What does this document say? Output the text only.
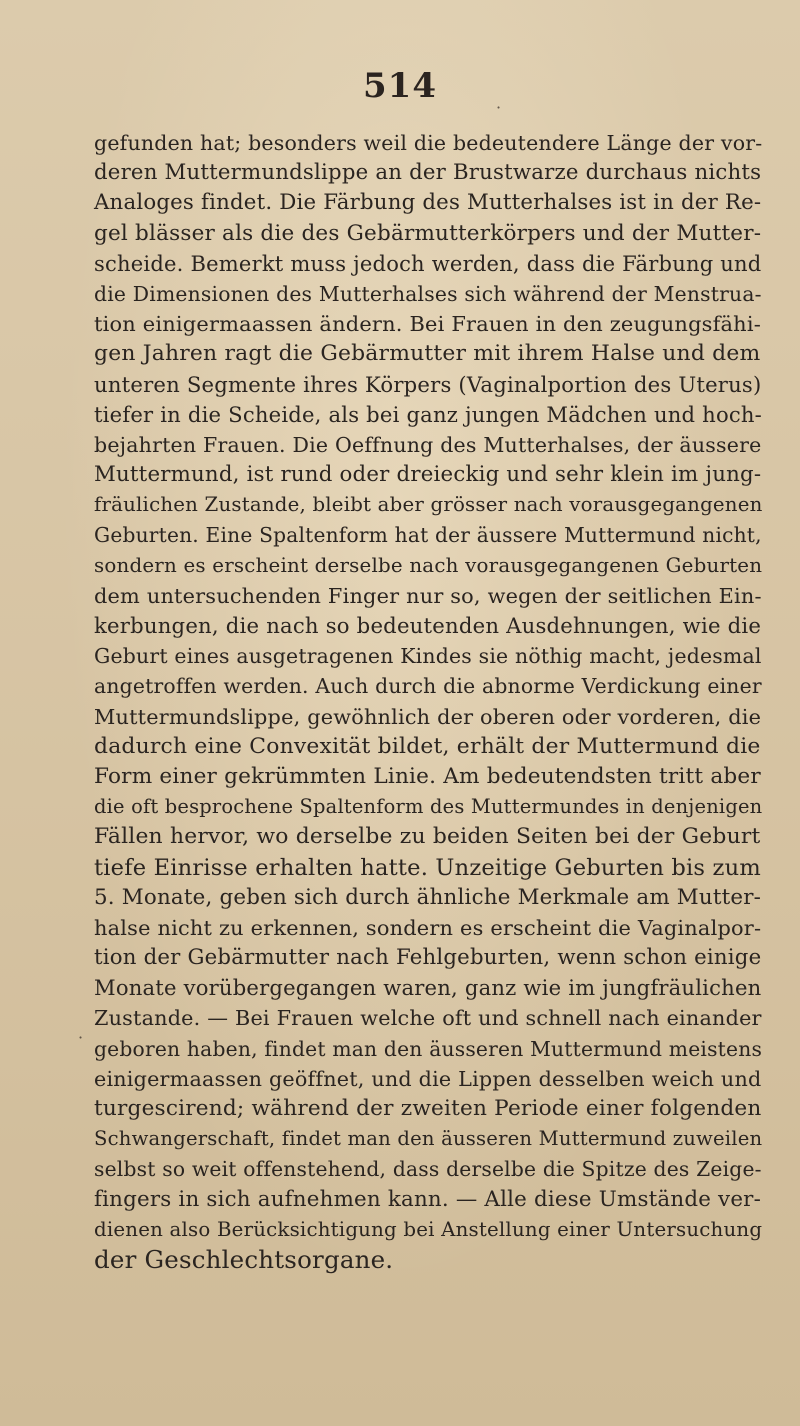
514
·
·
gefunden hat; besonders weil die bedeutendere Länge der vor-
deren Muttermundslippe an der Brustwarze durchaus nichts
Analoges findet. Die Färbung des Mutterhalses ist in der Re-
gel blässer als die des Gebärmutterkörpers und der Mutter-
scheide. Bemerkt muss jedoch werden, dass die Färbung und
die Dimensionen des Mutterhalses sich während der Menstrua-
tion einigermaassen ändern. Bei Frauen in den zeugungsfähi-
gen Jahren ragt die Gebärmutter mit ihrem Halse und dem
unteren Segmente ihres Körpers (Vaginalportion des Uterus)
tiefer in die Scheide, als bei ganz jungen Mädchen und hoch-
bejahrten Frauen. Die Oeffnung des Mutterhalses, der äussere
Muttermund, ist rund oder dreieckig und sehr klein im jung-
fräulichen Zustande, bleibt aber grösser nach vorausgegangenen
Geburten. Eine Spaltenform hat der äussere Muttermund nicht,
sondern es erscheint derselbe nach vorausgegangenen Geburten
dem untersuchenden Finger nur so, wegen der seitlichen Ein-
kerbungen, die nach so bedeutenden Ausdehnungen, wie die
Geburt eines ausgetragenen Kindes sie nöthig macht, jedesmal
angetroffen werden. Auch durch die abnorme Verdickung einer
Muttermundslippe, gewöhnlich der oberen oder vorderen, die
dadurch eine Convexität bildet, erhält der Muttermund die
Form einer gekrümmten Linie. Am bedeutendsten tritt aber
die oft besprochene Spaltenform des Muttermundes in denjenigen
Fällen hervor, wo derselbe zu beiden Seiten bei der Geburt
tiefe Einrisse erhalten hatte. Unzeitige Geburten bis zum
5. Monate, geben sich durch ähnliche Merkmale am Mutter-
halse nicht zu erkennen, sondern es erscheint die Vaginalpor-
tion der Gebärmutter nach Fehlgeburten, wenn schon einige
Monate vorübergegangen waren, ganz wie im jungfräulichen
Zustande. — Bei Frauen welche oft und schnell nach einander
geboren haben, findet man den äusseren Muttermund meistens
einigermaassen geöffnet, und die Lippen desselben weich und
turgescirend; während der zweiten Periode einer folgenden
Schwangerschaft, findet man den äusseren Muttermund zuweilen
selbst so weit offenstehend, dass derselbe die Spitze des Zeige-
fingers in sich aufnehmen kann. — Alle diese Umstände ver-
dienen also Berücksichtigung bei Anstellung einer Untersuchung
der Geschlechtsorgane.
